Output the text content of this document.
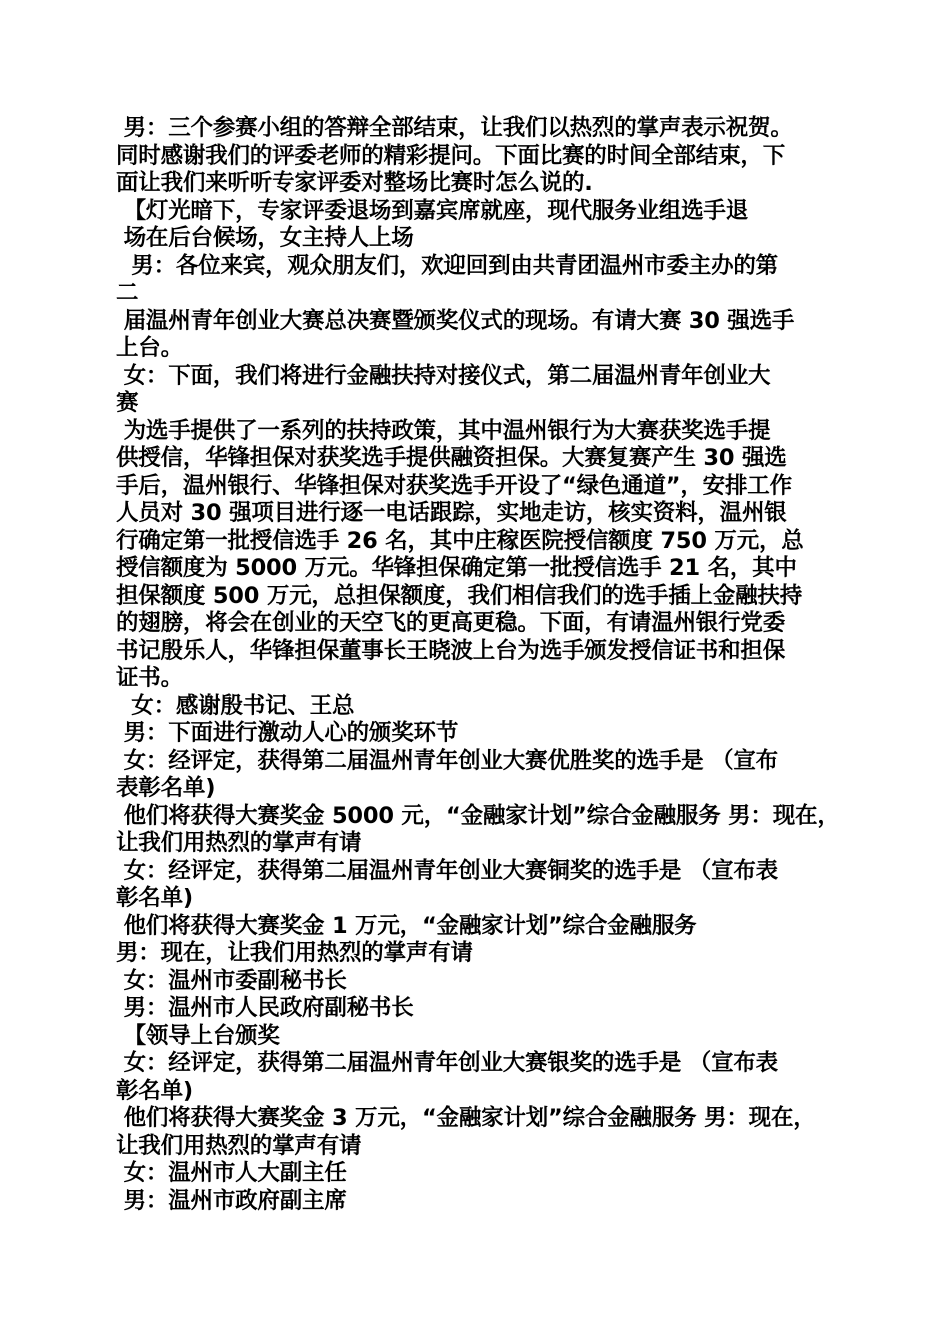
男：三个参赛小组的答辩全部结束，让我们以热烈的掌声表示祝贺。
同时感谢我们的评委老师的精彩提问。下面比赛的时间全部结束，下
面让我们来听听专家评委对整场比赛时怎么说的.
【灯光暗下，专家评委退场到嘉宾席就座，现代服务业组选手退
场在后台候场，女主持人上场
男：各位来宾，观众朋友们，欢迎回到由共青团温州市委主办的第
二
届温州青年创业大赛总决赛暨颁奖仪式的现场。有请大赛 30 强选手
上台。
女：下面，我们将进行金融扶持对接仪式，第二届温州青年创业大
赛
为选手提供了一系列的扶持政策，其中温州银行为大赛获奖选手提
供授信，华锋担保对获奖选手提供融资担保。大赛复赛产生 30 强选
手后，温州银行、华锋担保对获奖选手开设了“绿色通道”，安排工作
人员对 30 强项目进行逐一电话跟踪，实地走访，核实资料，温州银
行确定第一批授信选手 26 名，其中庄稼医院授信额度 750 万元，总
授信额度为 5000 万元。华锋担保确定第一批授信选手 21 名，其中
担保额度 500 万元，总担保额度，我们相信我们的选手插上金融扶持
的翅膀，将会在创业的天空飞的更高更稳。下面，有请温州银行党委
书记殷乐人，华锋担保董事长王晓波上台为选手颁发授信证书和担保
证书。
女：感谢殷书记、王总
男：下面进行激动人心的颁奖环节
女：经评定，获得第二届温州青年创业大赛优胜奖的选手是 （宣布
表彰名单)
他们将获得大赛奖金 5000 元，“金融家计划”综合金融服务 男：现在，
让我们用热烈的掌声有请
女：经评定，获得第二届温州青年创业大赛铜奖的选手是 （宣布表
彰名单)
他们将获得大赛奖金 1 万元，“金融家计划”综合金融服务
男：现在，让我们用热烈的掌声有请
女：温州市委副秘书长
男：温州市人民政府副秘书长
【领导上台颁奖
女：经评定，获得第二届温州青年创业大赛银奖的选手是 （宣布表
彰名单)
他们将获得大赛奖金 3 万元，“金融家计划”综合金融服务 男：现在，
让我们用热烈的掌声有请
女：温州市人大副主任
男：温州市政府副主席
